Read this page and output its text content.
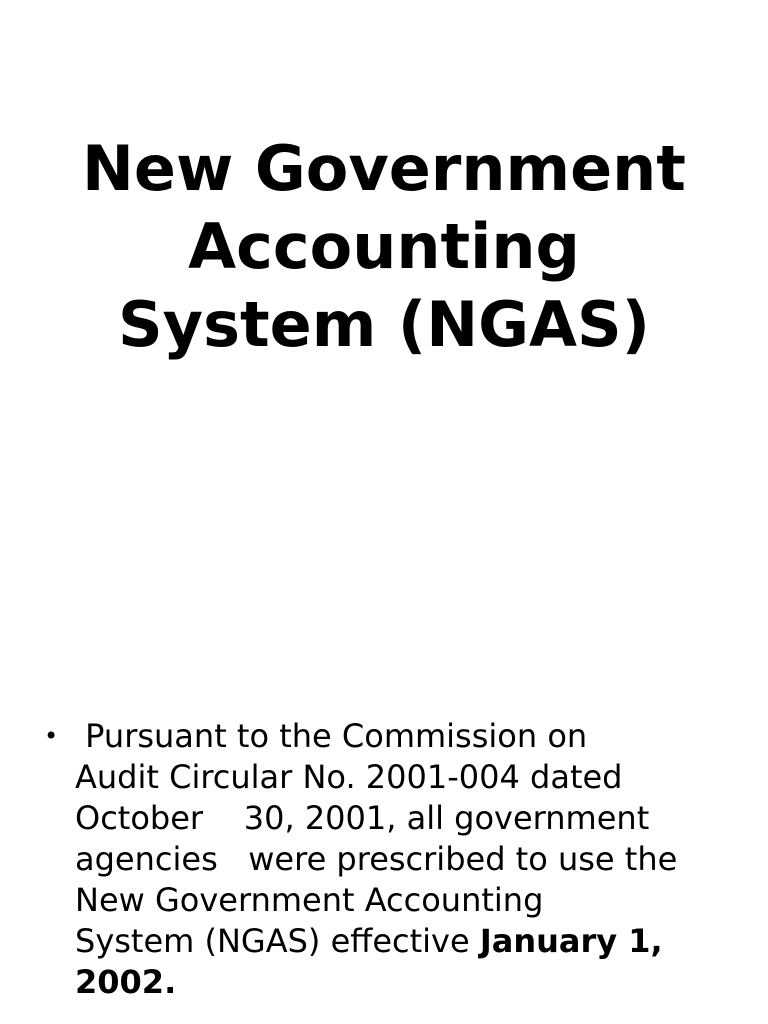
New Government
Accounting
System (NGAS)
• Pursuant to the Commission on
Audit Circular No. 2001-004 dated
October    30, 2001, all government
agencies   were prescribed to use the
New Government Accounting
System (NGAS) effective January 1,
2002.
